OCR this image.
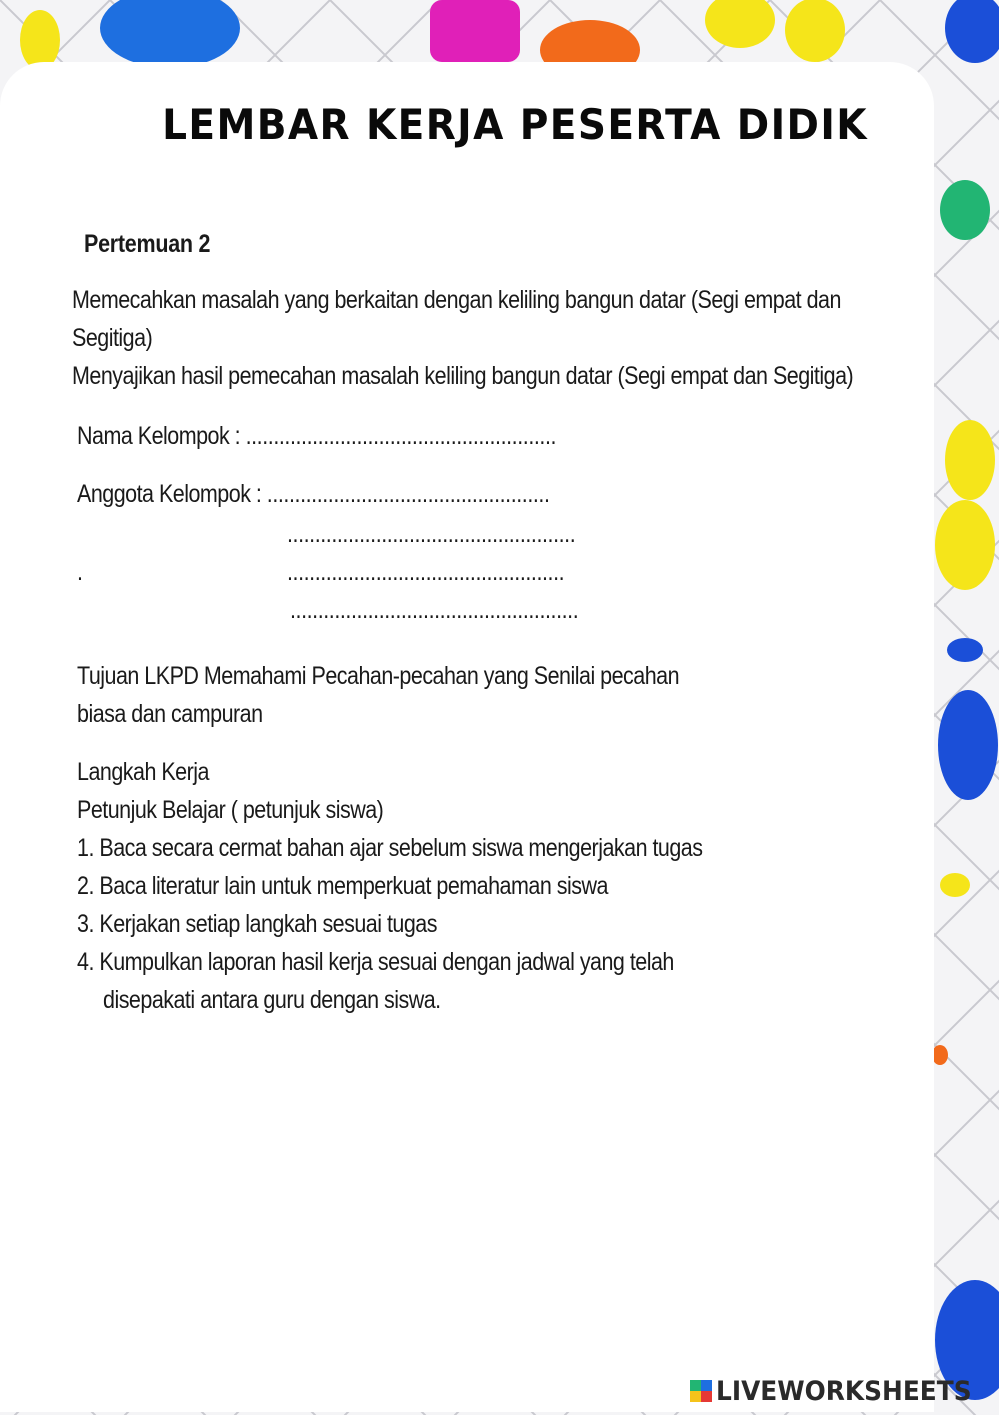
LEMBAR KERJA PESERTA DIDIK
Pertemuan 2
Memecahkan masalah yang berkaitan dengan keliling bangun datar (Segi empat dan
Segitiga)
Menyajikan hasil pemecahan masalah keliling bangun datar (Segi empat dan Segitiga)
Nama Kelompok : ........................................................
Anggota Kelompok : ...................................................
....................................................
.	..................................................
....................................................
Tujuan LKPD Memahami Pecahan-pecahan yang Senilai pecahan
biasa dan campuran
Langkah Kerja
Petunjuk Belajar ( petunjuk siswa)
1. Baca secara cermat bahan ajar sebelum siswa mengerjakan tugas
2. Baca literatur lain untuk memperkuat pemahaman siswa
3. Kerjakan setiap langkah sesuai tugas
4. Kumpulkan laporan hasil kerja sesuai dengan jadwal yang telah
disepakati antara guru dengan siswa.
LIVEWORKSHEETS
